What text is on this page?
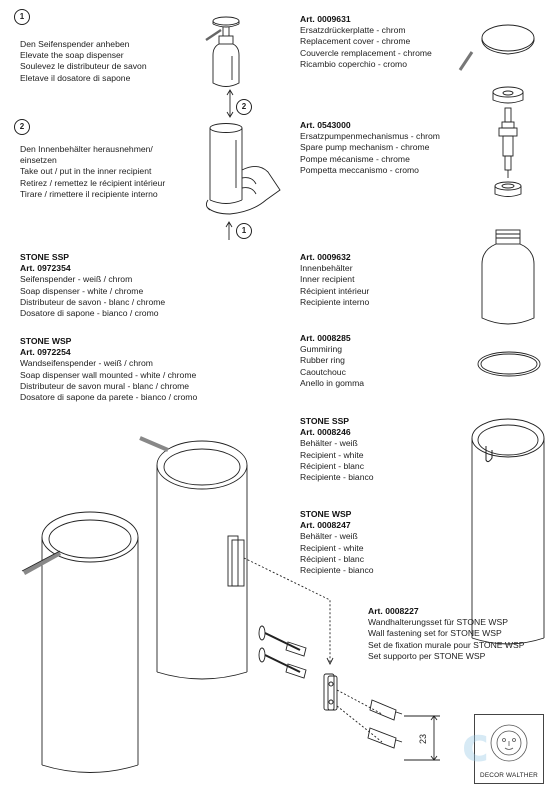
23
1
2
2
1
Den Seifenspender anheben
Elevate the soap dispenser
Soulevez le distributeur de savon
Eletave il dosatore di sapone
Den Innenbehälter herausnehmen/
einsetzen
Take out / put in the inner recipient
Retirez / remettez le récipient intérieur
Tirare / rimettere il recipiente interno
STONE SSP
Art. 0972354
Seifenspender - weiß / chrom
Soap dispenser - white / chrome
Distributeur de savon - blanc / chrome
Dosatore di sapone - bianco / cromo
STONE WSP
Art. 0972254
Wandseifenspender - weiß / chrom
Soap dispenser wall mounted - white / chrome
Distributeur de savon mural - blanc / chrome
Dosatore di sapone da parete - bianco / cromo
Art. 0009631
Ersatzdrückerplatte - chrom
Replacement cover - chrome
Couvercle remplacement - chrome
Ricambio coperchio - cromo
Art. 0543000
Ersatzpumpenmechanismus - chrom
Spare pump mechanism - chrome
Pompe mécanisme - chrome
Pompetta meccanismo - cromo
Art. 0009632
Innenbehälter
Inner recipient
Récipient intérieur
Recipiente interno
Art. 0008285
Gummiring
Rubber ring
Caoutchouc
Anello in gomma
STONE SSP
Art. 0008246
Behälter - weiß
Recipient - white
Récipient - blanc
Recipiente - bianco
STONE WSP
Art. 0008247
Behälter - weiß
Recipient - white
Récipient - blanc
Recipiente - bianco
Art. 0008227
Wandhalterungsset für STONE WSP
Wall fastening set for STONE WSP
Set de fixation murale pour STONE WSP
Set supporto per STONE WSP
DECOR WALTHER
c
